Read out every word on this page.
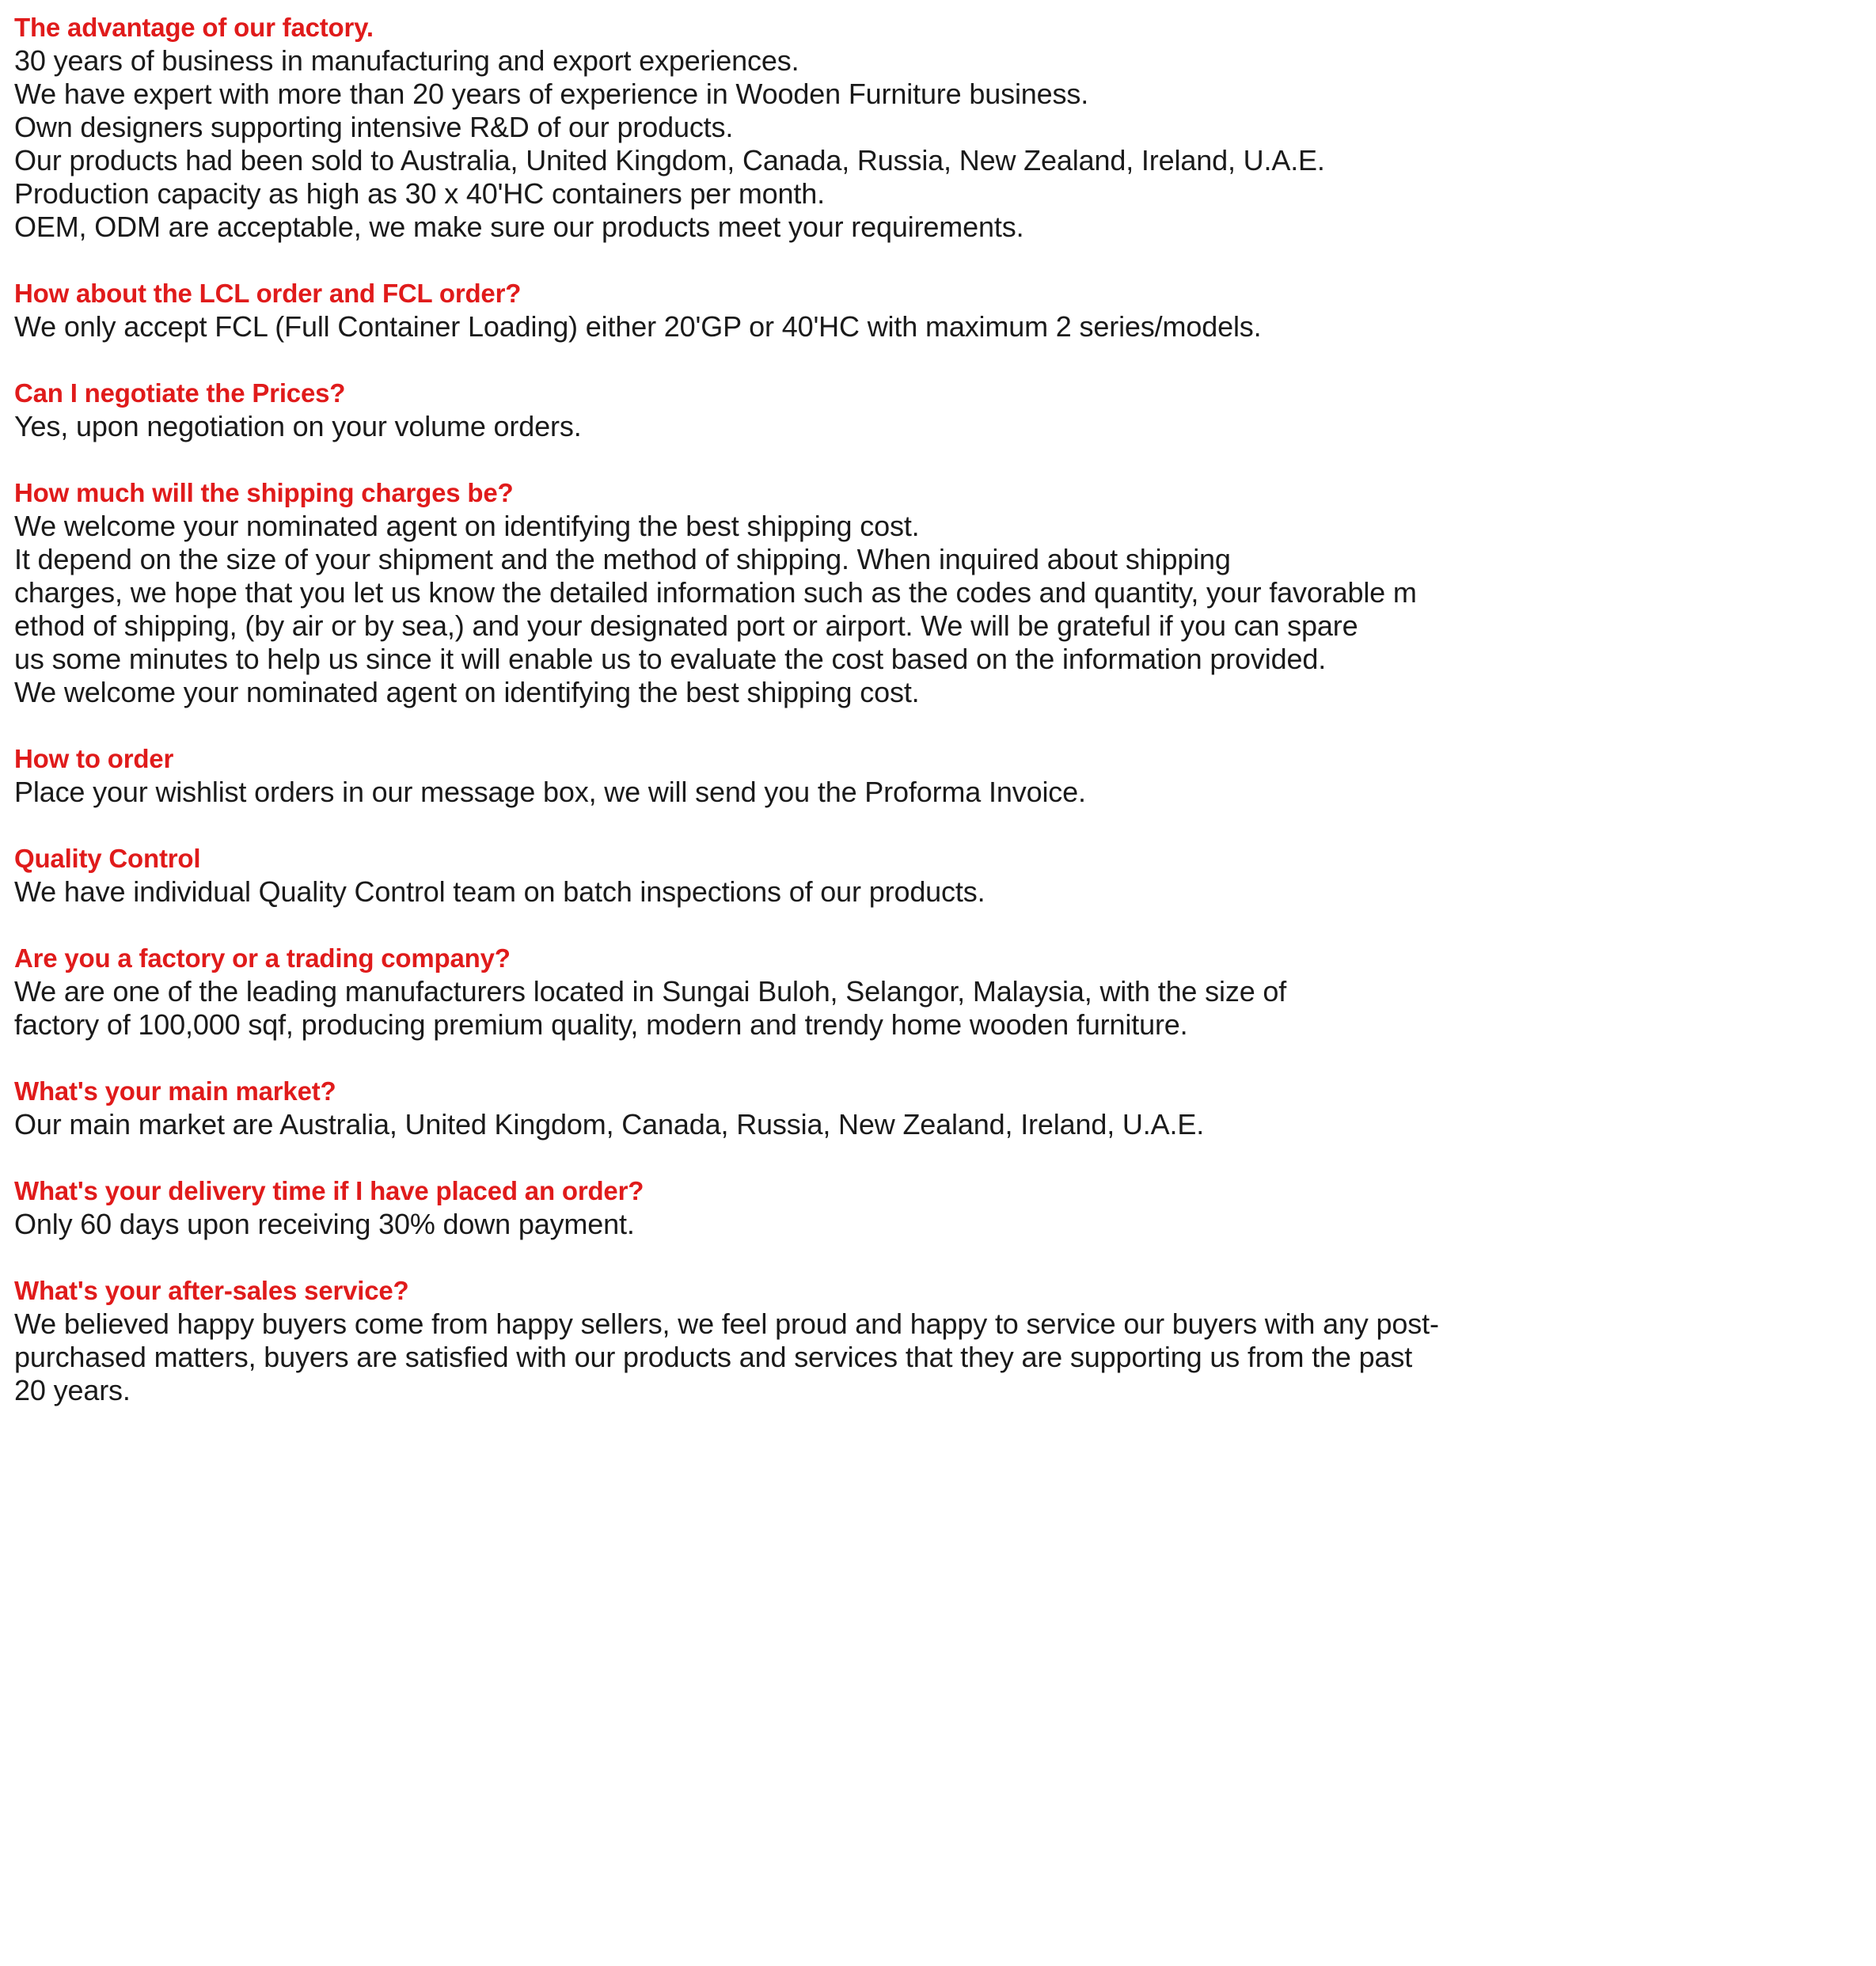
The advantage of our factory.
30 years of business in manufacturing and export experiences.
We have expert with more than 20 years of experience in Wooden Furniture business.
Own designers supporting intensive R&D of our products.
Our products had been sold to Australia, United Kingdom, Canada, Russia, New Zealand, Ireland, U.A.E.
Production capacity as high as 30 x 40'HC containers per month.
OEM, ODM are acceptable, we make sure our products meet your requirements.
How about the LCL order and FCL order?
We only accept FCL (Full Container Loading) either 20'GP or 40'HC with maximum 2 series/models.
Can I negotiate the Prices?
Yes, upon negotiation on your volume orders.
How much will the shipping charges be?
We welcome your nominated agent on identifying the best shipping cost.
It depend on the size of your shipment and the method of shipping. When inquired about shipping
charges, we hope that you let us know the detailed information such as the codes and quantity, your favorable m
ethod of shipping, (by air or by sea,) and your designated port or airport. We will be grateful if you can spare
us some minutes to help us since it will enable us to evaluate the cost based on the information provided.
We welcome your nominated agent on identifying the best shipping cost.
How to order
Place your wishlist orders in our message box, we will send you the Proforma Invoice.
Quality Control
We have individual Quality Control team on batch inspections of our products.
Are you a factory or a trading company?
We are one of the leading manufacturers located in Sungai Buloh, Selangor, Malaysia, with the size of
factory of 100,000 sqf, producing premium quality, modern and trendy home wooden furniture.
What's your main market?
Our main market are Australia, United Kingdom, Canada, Russia, New Zealand, Ireland, U.A.E.
What's your delivery time if I have placed an order?
Only 60 days upon receiving 30% down payment.
What's your after-sales service?
We believed happy buyers come from happy sellers, we feel proud and happy to service our buyers with any post-
purchased matters, buyers are satisfied with our products and services that they are supporting us from the past
20 years.
